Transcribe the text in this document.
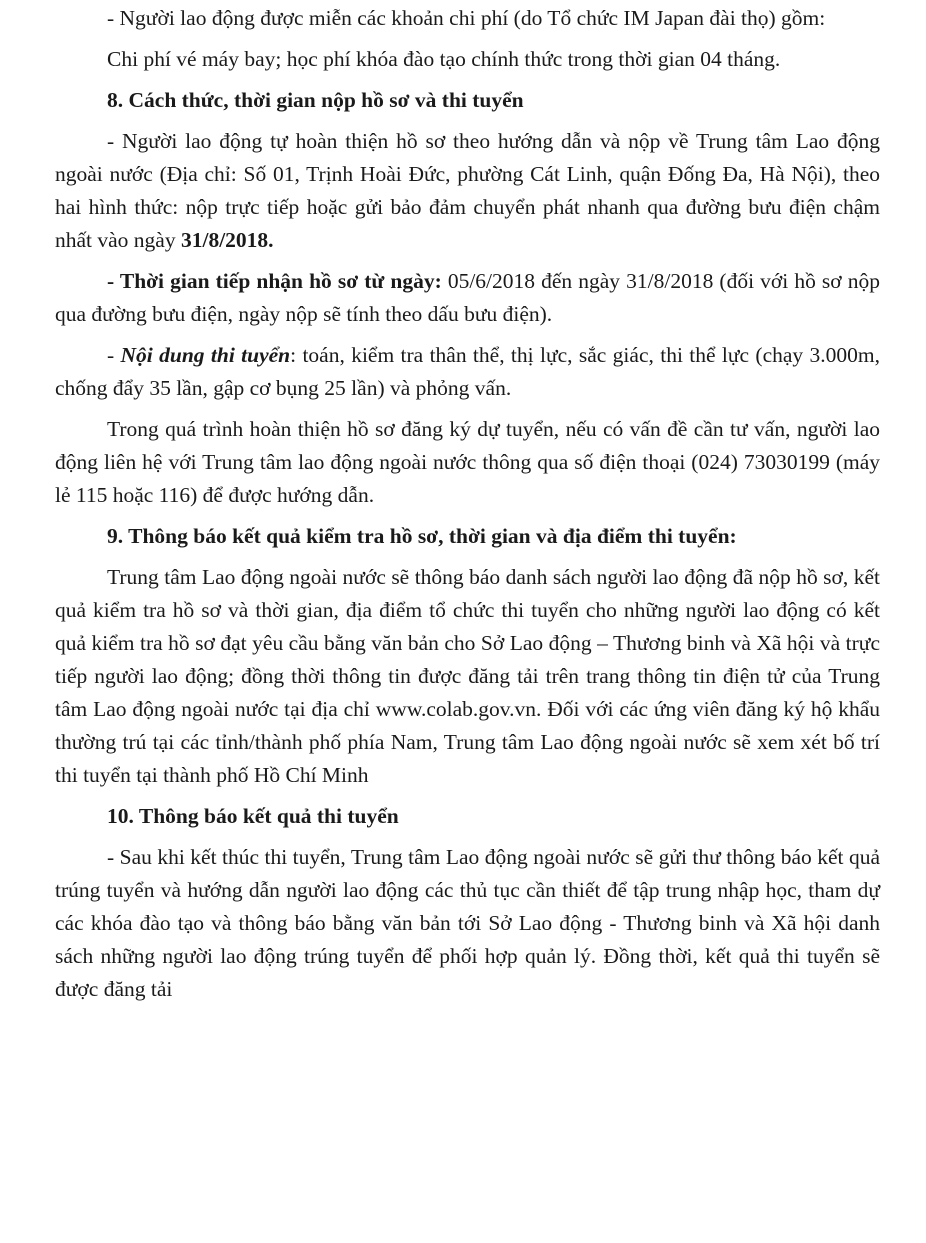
- Người lao động được miễn các khoản chi phí (do Tổ chức IM Japan đài thọ) gồm:

Chi phí vé máy bay; học phí khóa đào tạo chính thức trong thời gian 04 tháng.

8. Cách thức, thời gian nộp hồ sơ và thi tuyển

- Người lao động tự hoàn thiện hồ sơ theo hướng dẫn và nộp về Trung tâm Lao động ngoài nước (Địa chỉ: Số 01, Trịnh Hoài Đức, phường Cát Linh, quận Đống Đa, Hà Nội), theo hai hình thức: nộp trực tiếp hoặc gửi bảo đảm chuyển phát nhanh qua đường bưu điện chậm nhất vào ngày 31/8/2018.

- Thời gian tiếp nhận hồ sơ từ ngày: 05/6/2018 đến ngày 31/8/2018 (đối với hồ sơ nộp qua đường bưu điện, ngày nộp sẽ tính theo dấu bưu điện).

- Nội dung thi tuyển: toán, kiểm tra thân thể, thị lực, sắc giác, thi thể lực (chạy 3.000m, chống đẩy 35 lần, gập cơ bụng 25 lần) và phỏng vấn.

Trong quá trình hoàn thiện hồ sơ đăng ký dự tuyển, nếu có vấn đề cần tư vấn, người lao động liên hệ với Trung tâm lao động ngoài nước thông qua số điện thoại (024) 73030199 (máy lẻ 115 hoặc 116) để được hướng dẫn.

9. Thông báo kết quả kiểm tra hồ sơ, thời gian và địa điểm thi tuyển:

Trung tâm Lao động ngoài nước sẽ thông báo danh sách người lao động đã nộp hồ sơ, kết quả kiểm tra hồ sơ và thời gian, địa điểm tổ chức thi tuyển cho những người lao động có kết quả kiểm tra hồ sơ đạt yêu cầu bằng văn bản cho Sở Lao động – Thương binh và Xã hội và trực tiếp người lao động; đồng thời thông tin được đăng tải trên trang thông tin điện tử của Trung tâm Lao động ngoài nước tại địa chỉ www.colab.gov.vn. Đối với các ứng viên đăng ký hộ khẩu thường trú tại các tỉnh/thành phố phía Nam, Trung tâm Lao động ngoài nước sẽ xem xét bố trí thi tuyển tại thành phố Hồ Chí Minh

10. Thông báo kết quả thi tuyển

- Sau khi kết thúc thi tuyển, Trung tâm Lao động ngoài nước sẽ gửi thư thông báo kết quả trúng tuyển và hướng dẫn người lao động các thủ tục cần thiết để tập trung nhập học, tham dự các khóa đào tạo và thông báo bằng văn bản tới Sở Lao động - Thương binh và Xã hội danh sách những người lao động trúng tuyển để phối hợp quản lý. Đồng thời, kết quả thi tuyển sẽ được đăng tải
